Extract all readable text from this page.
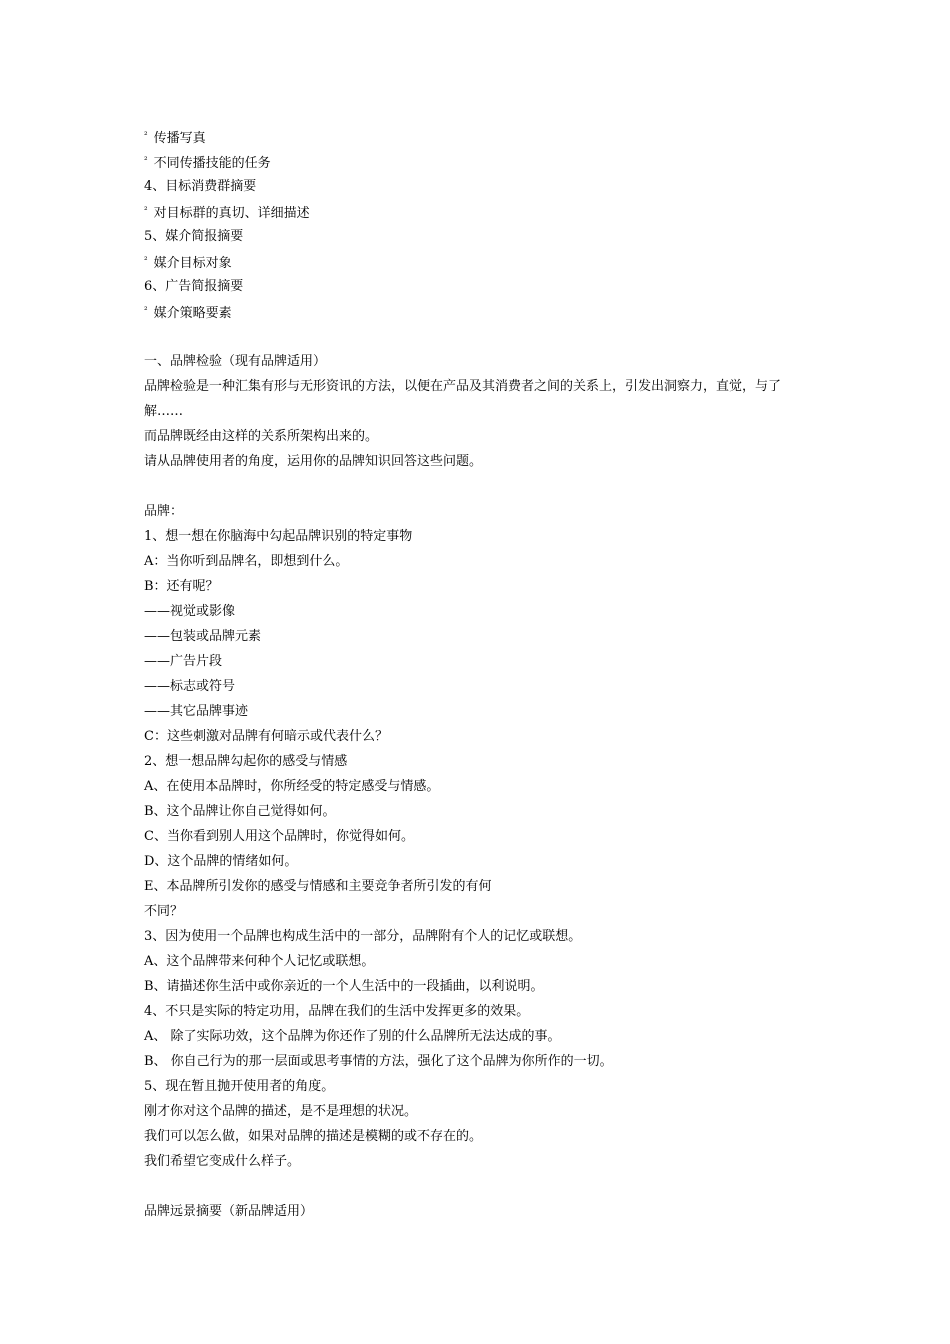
$^{^2}$ 传播写真
$^{^2}$ 不同传播技能的任务
4、目标消费群摘要
$^{^2}$ 对目标群的真切、详细描述
5、媒介简报摘要
$^{^2}$ 媒介目标对象
6、广告简报摘要
$^{^2}$ 媒介策略要素
一、品牌检验（现有品牌适用）
品牌检验是一种汇集有形与无形资讯的方法，以便在产品及其消费者之间的关系上，引发出洞察力，直觉，与了解……
而品牌既经由这样的关系所架构出来的。
请从品牌使用者的角度，运用你的品牌知识回答这些问题。
品牌：
1、想一想在你脑海中勾起品牌识别的特定事物
A：当你听到品牌名，即想到什么。
B：还有呢？
——视觉或影像
——包装或品牌元素
——广告片段
——标志或符号
——其它品牌事迹
C：这些刺激对品牌有何暗示或代表什么？
2、想一想品牌勾起你的感受与情感
A、在使用本品牌时，你所经受的特定感受与情感。
B、这个品牌让你自己觉得如何。
C、当你看到别人用这个品牌时，你觉得如何。
D、这个品牌的情绪如何。
E、本品牌所引发你的感受与情感和主要竞争者所引发的有何
不同？
3、因为使用一个品牌也构成生活中的一部分，品牌附有个人的记忆或联想。
A、这个品牌带来何种个人记忆或联想。
B、请描述你生活中或你亲近的一个人生活中的一段插曲，以利说明。
4、不只是实际的特定功用，品牌在我们的生活中发挥更多的效果。
A、 除了实际功效，这个品牌为你还作了别的什么品牌所无法达成的事。
B、 你自己行为的那一层面或思考事情的方法，强化了这个品牌为你所作的一切。
5、现在暂且抛开使用者的角度。
刚才你对这个品牌的描述，是不是理想的状况。
我们可以怎么做，如果对品牌的描述是模糊的或不存在的。
我们希望它变成什么样子。
品牌远景摘要（新品牌适用）
